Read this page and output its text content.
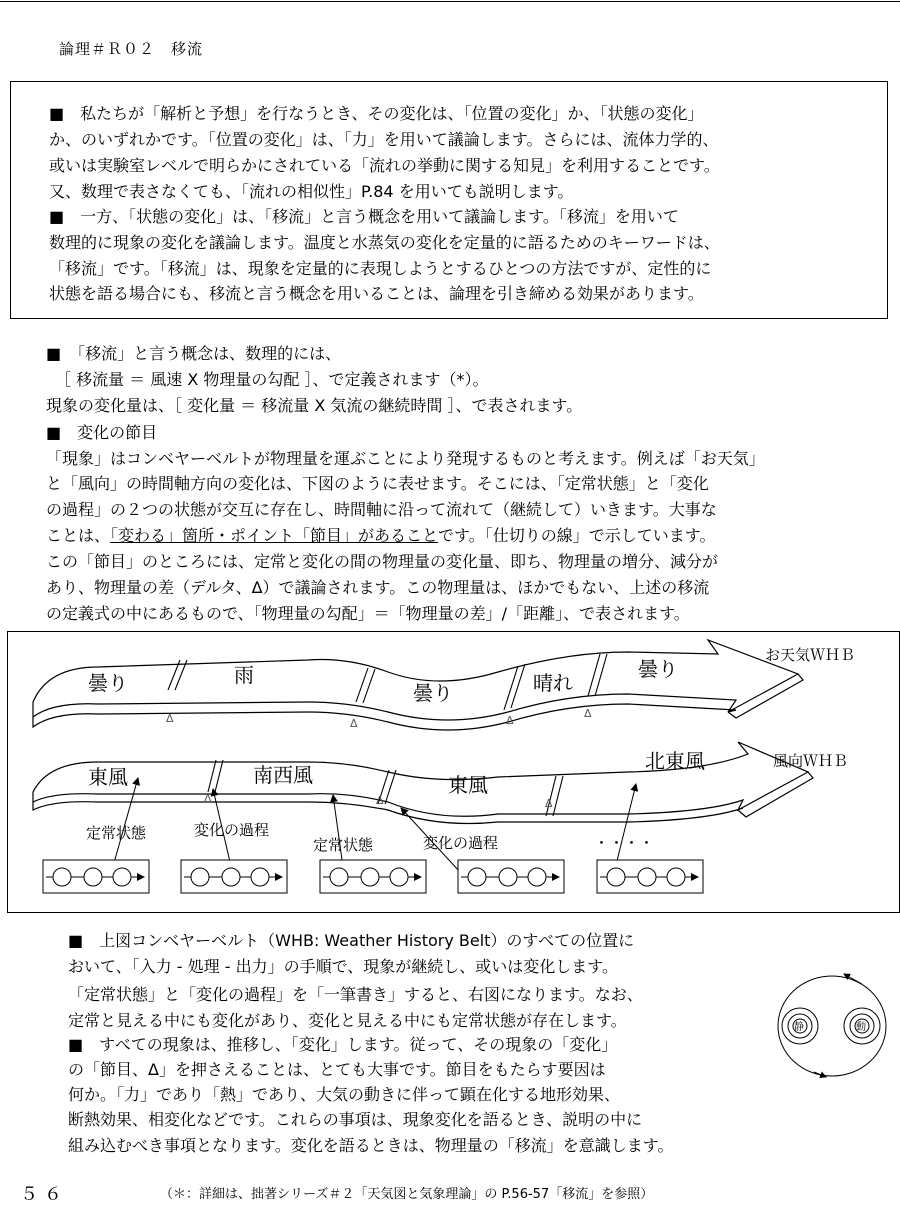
論理＃Ｒ０２　移流
■　私たちが「解析と予想」を行なうとき、その変化は、「位置の変化」か、「状態の変化」
か、のいずれかです。「位置の変化」は、「力」を用いて議論します。さらには、流体力学的、
或いは実験室レベルで明らかにされている「流れの挙動に関する知見」を利用することです。
又、数理で表さなくても、「流れの相似性」P.84 を用いても説明します。
■　一方、「状態の変化」は、「移流」と言う概念を用いて議論します。「移流」を用いて
数理的に現象の変化を議論します。温度と水蒸気の変化を定量的に語るためのキーワードは、
「移流」です。「移流」は、現象を定量的に表現しようとするひとつの方法ですが、定性的に
状態を語る場合にも、移流と言う概念を用いることは、論理を引き締める効果があります。
■　「移流」と言う概念は、数理的には、
［ 移流量 ＝ 風速 X 物理量の勾配 ］、で定義されます（*）。
現象の変化量は、［ 変化量 ＝ 移流量 X 気流の継続時間 ］、で表されます。
■　変化の節目
「現象」はコンベヤーベルトが物理量を運ぶことにより発現するものと考えます。例えば「お天気」
と「風向」の時間軸方向の変化は、下図のように表せます。そこには、「定常状態」と「変化
の過程」の２つの状態が交互に存在し、時間軸に沿って流れて（継続して）いきます。大事な
ことは、「変わる」箇所・ポイント「節目」があることです。「仕切りの線」で示しています。
この「節目」のところには、定常と変化の間の物理量の変化量、即ち、物理量の増分、減分が
あり、物理量の差（デルタ、Δ）で議論されます。この物理量は、ほかでもない、上述の移流
の定義式の中にあるもので、「物理量の勾配」＝「物理量の差」/「距離」、で表されます。
曇り	雨
曇り	晴れ
曇り
お天気ＷＨＢ
Δ	Δ	Δ
Δ
東風	南西風	東風
北東風	風向ＷＨＢ
Δ	Δ	Δ
定常状態	変化の過程
定常状態	変化の過程	・・・・
■　上図コンベヤーベルト（WHB: Weather History Belt）のすべての位置に
おいて、「入力 - 処理 - 出力」の手順で、現象が継続し、或いは変化します。
「定常状態」と「変化の過程」を「一筆書き」すると、右図になります。なお、
定常と見える中にも変化があり、変化と見える中にも定常状態が存在します。
■　すべての現象は、推移し、「変化」します。従って、その現象の「変化」
の「節目、Δ」を押さえることは、とても大事です。節目をもたらす要因は
何か。「力」であり「熱」であり、大気の動きに伴って顕在化する地形効果、
断熱効果、相変化などです。これらの事項は、現象変化を語るとき、説明の中に
組み込むべき事項となります。変化を語るときは、物理量の「移流」を意識します。
静	動
５６	（＊：詳細は、拙著シリーズ＃２「天気図と気象理論」の P.56-57「移流」を参照）
